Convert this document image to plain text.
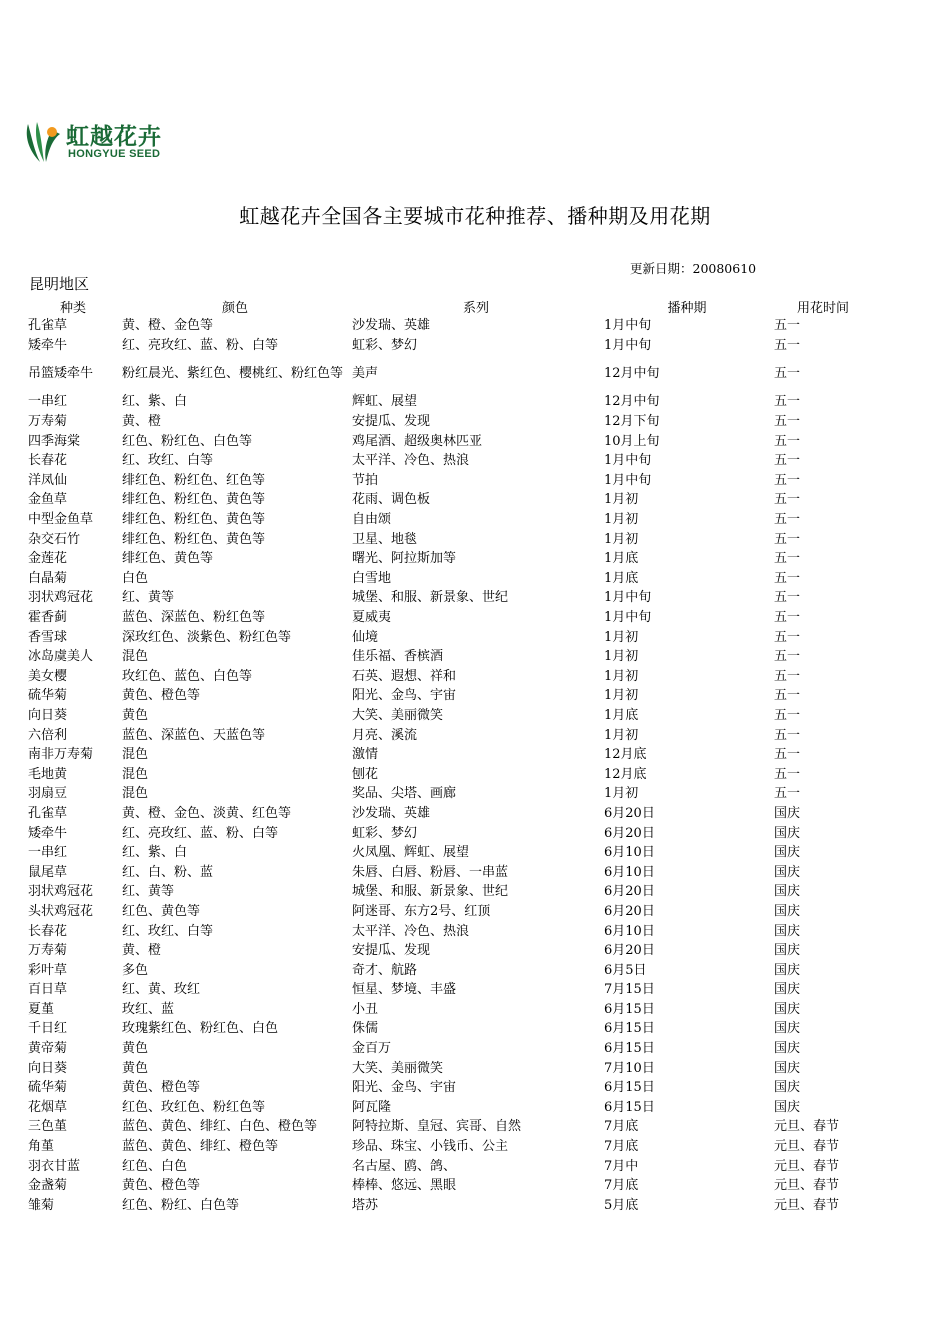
虹越花卉
HONGYUE SEED
虹越花卉全国各主要城市花种推荐、播种期及用花期
更新日期：20080610
昆明地区
种类	颜色	系列	播种期	用花时间
孔雀草	黄、橙、金色等	沙发瑞、英雄	1月中旬	五一
矮牵牛	红、亮玫红、蓝、粉、白等	虹彩、梦幻	1月中旬	五一
吊篮矮牵牛	粉红晨光、紫红色、樱桃红、粉红色等	美声	12月中旬	五一
一串红	红、紫、白	辉虹、展望	12月中旬	五一
万寿菊	黄、橙	安提瓜、发现	12月下旬	五一
四季海棠	红色、粉红色、白色等	鸡尾酒、超级奥林匹亚	10月上旬	五一
长春花	红、玫红、白等	太平洋、冷色、热浪	1月中旬	五一
洋凤仙	绯红色、粉红色、红色等	节拍	1月中旬	五一
金鱼草	绯红色、粉红色、黄色等	花雨、调色板	1月初	五一
中型金鱼草	绯红色、粉红色、黄色等	自由颂	1月初	五一
杂交石竹	绯红色、粉红色、黄色等	卫星、地毯	1月初	五一
金莲花	绯红色、黄色等	曙光、阿拉斯加等	1月底	五一
白晶菊	白色	白雪地	1月底	五一
羽状鸡冠花	红、黄等	城堡、和服、新景象、世纪	1月中旬	五一
霍香蓟	蓝色、深蓝色、粉红色等	夏威夷	1月中旬	五一
香雪球	深玫红色、淡紫色、粉红色等	仙境	1月初	五一
冰岛虞美人	混色	佳乐福、香槟酒	1月初	五一
美女樱	玫红色、蓝色、白色等	石英、遐想、祥和	1月初	五一
硫华菊	黄色、橙色等	阳光、金鸟、宇宙	1月初	五一
向日葵	黄色	大笑、美丽微笑	1月底	五一
六倍利	蓝色、深蓝色、天蓝色等	月亮、溪流	1月初	五一
南非万寿菊	混色	激情	12月底	五一
毛地黄	混色	刨花	12月底	五一
羽扇豆	混色	奖品、尖塔、画廊	1月初	五一
孔雀草	黄、橙、金色、淡黄、红色等	沙发瑞、英雄	6月20日	国庆
矮牵牛	红、亮玫红、蓝、粉、白等	虹彩、梦幻	6月20日	国庆
一串红	红、紫、白	火凤凰、辉虹、展望	6月10日	国庆
鼠尾草	红、白、粉、蓝	朱唇、白唇、粉唇、一串蓝	6月10日	国庆
羽状鸡冠花	红、黄等	城堡、和服、新景象、世纪	6月20日	国庆
头状鸡冠花	红色、黄色等	阿迷哥、东方2号、红顶	6月20日	国庆
长春花	红、玫红、白等	太平洋、冷色、热浪	6月10日	国庆
万寿菊	黄、橙	安提瓜、发现	6月20日	国庆
彩叶草	多色	奇才、航路	6月5日	国庆
百日草	红、黄、玫红	恒星、梦境、丰盛	7月15日	国庆
夏堇	玫红、蓝	小丑	6月15日	国庆
千日红	玫瑰紫红色、粉红色、白色	侏儒	6月15日	国庆
黄帝菊	黄色	金百万	6月15日	国庆
向日葵	黄色	大笑、美丽微笑	7月10日	国庆
硫华菊	黄色、橙色等	阳光、金鸟、宇宙	6月15日	国庆
花烟草	红色、玫红色、粉红色等	阿瓦隆	6月15日	国庆
三色堇	蓝色、黄色、绯红、白色、橙色等	阿特拉斯、皇冠、宾哥、自然	7月底	元旦、春节
角堇	蓝色、黄色、绯红、橙色等	珍品、珠宝、小钱币、公主	7月底	元旦、春节
羽衣甘蓝	红色、白色	名古屋、鸥、鸽、	7月中	元旦、春节
金盏菊	黄色、橙色等	棒棒、悠远、黑眼	7月底	元旦、春节
雏菊	红色、粉红、白色等	塔苏	5月底	元旦、春节
